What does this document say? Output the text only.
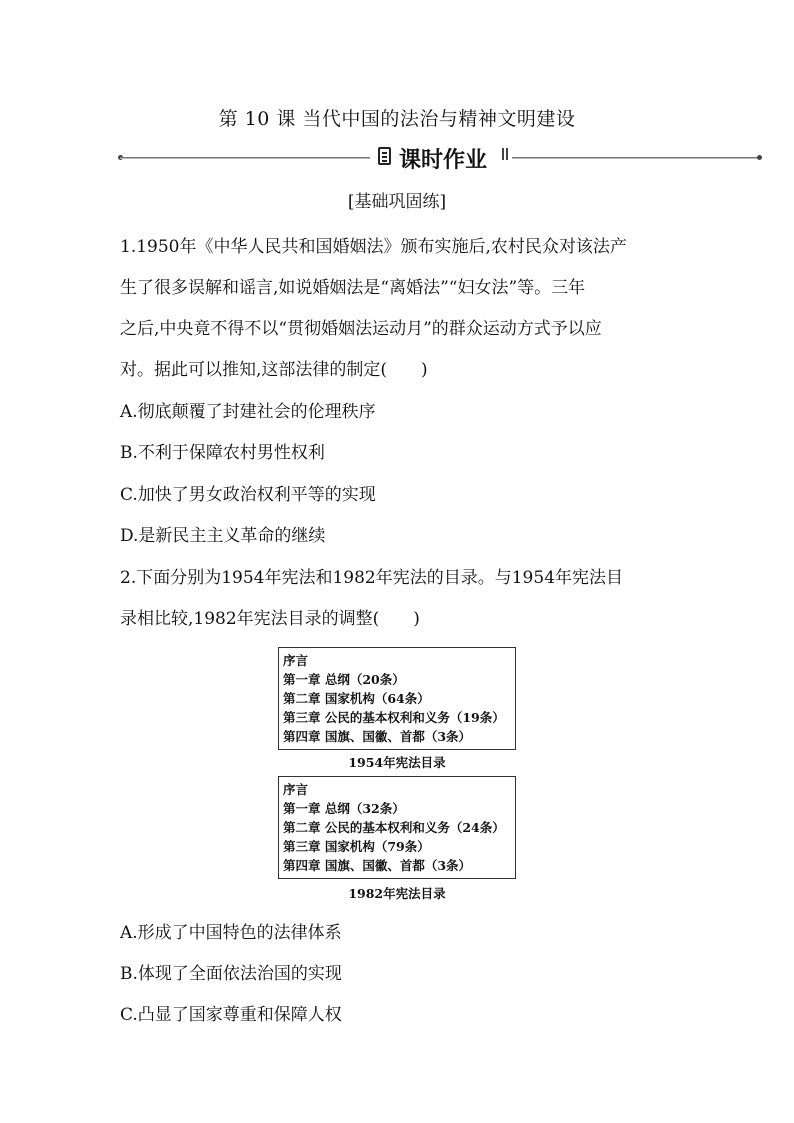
第 10 课 当代中国的法治与精神文明建设
课时作业
[基础巩固练]
1.1950年《中华人民共和国婚姻法》颁布实施后,农村民众对该法产
生了很多误解和谣言,如说婚姻法是“离婚法”“妇女法”等。三年
之后,中央竟不得不以“贯彻婚姻法运动月”的群众运动方式予以应
对。据此可以推知,这部法律的制定(　　)
A.彻底颠覆了封建社会的伦理秩序
B.不利于保障农村男性权利
C.加快了男女政治权利平等的实现
D.是新民主主义革命的继续
2.下面分别为1954年宪法和1982年宪法的目录。与1954年宪法目
录相比较,1982年宪法目录的调整(　　)
序言
第一章 总纲（20条）
第二章 国家机构（64条）
第三章 公民的基本权利和义务（19条）
第四章 国旗、国徽、首都（3条）
1954年宪法目录
序言
第一章 总纲（32条）
第二章 公民的基本权利和义务（24条）
第三章 国家机构（79条）
第四章 国旗、国徽、首都（3条）
1982年宪法目录
A.形成了中国特色的法律体系
B.体现了全面依法治国的实现
C.凸显了国家尊重和保障人权
